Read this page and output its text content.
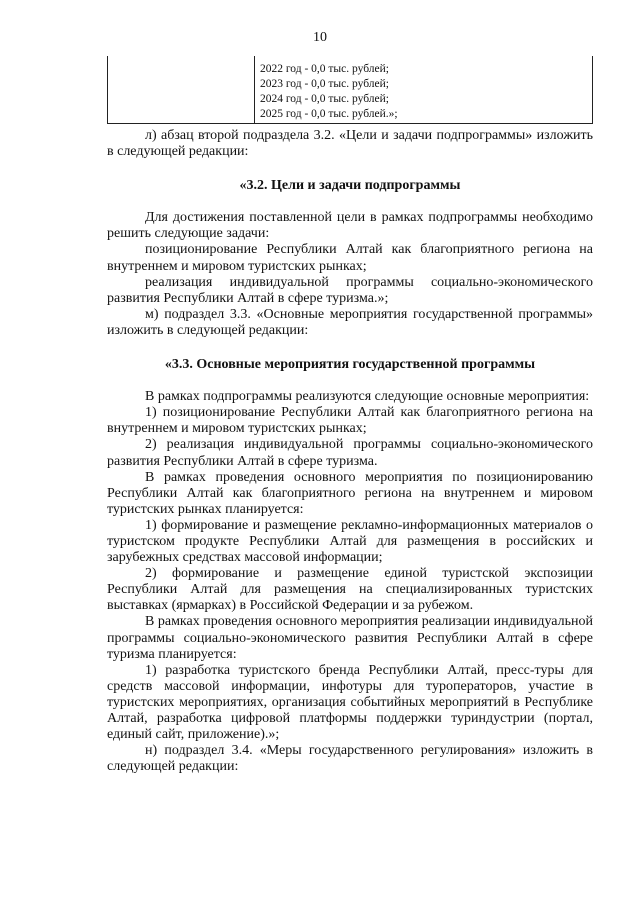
10
2022 год - 0,0 тыс. рублей;
2023 год - 0,0 тыс. рублей;
2024 год - 0,0 тыс. рублей;
2025 год - 0,0 тыс. рублей.»;

л) абзац второй подраздела 3.2. «Цели и задачи подпрограммы» изложить в следующей редакции:

«3.2. Цели и задачи подпрограммы

Для достижения поставленной цели в рамках подпрограммы необходимо решить следующие задачи:

позиционирование Республики Алтай как благоприятного региона на внутреннем и мировом туристских рынках;

реализация индивидуальной программы социально-экономического развития Республики Алтай в сфере туризма.»;

м) подраздел 3.3. «Основные мероприятия государственной программы» изложить в следующей редакции:

«3.3. Основные мероприятия государственной программы

В рамках подпрограммы реализуются следующие основные мероприятия:

1) позиционирование Республики Алтай как благоприятного региона на внутреннем и мировом туристских рынках;

2) реализация индивидуальной программы социально-экономического развития Республики Алтай в сфере туризма.

В рамках проведения основного мероприятия по позиционированию Республики Алтай как благоприятного региона на внутреннем и мировом туристских рынках планируется:

1) формирование и размещение рекламно-информационных материалов о туристском продукте Республики Алтай для размещения в российских и зарубежных средствах массовой информации;

2) формирование и размещение единой туристской экспозиции Республики Алтай для размещения на специализированных туристских выставках (ярмарках) в Российской Федерации и за рубежом.

В рамках проведения основного мероприятия реализации индивидуальной программы социально-экономического развития Республики Алтай в сфере туризма планируется:

1) разработка туристского бренда Республики Алтай, пресс-туры для средств массовой информации, инфотуры для туроператоров, участие в туристских мероприятиях, организация событийных мероприятий в Республике Алтай, разработка цифровой платформы поддержки туриндустрии (портал, единый сайт, приложение).»;

н) подраздел 3.4. «Меры государственного регулирования» изложить в следующей редакции:
